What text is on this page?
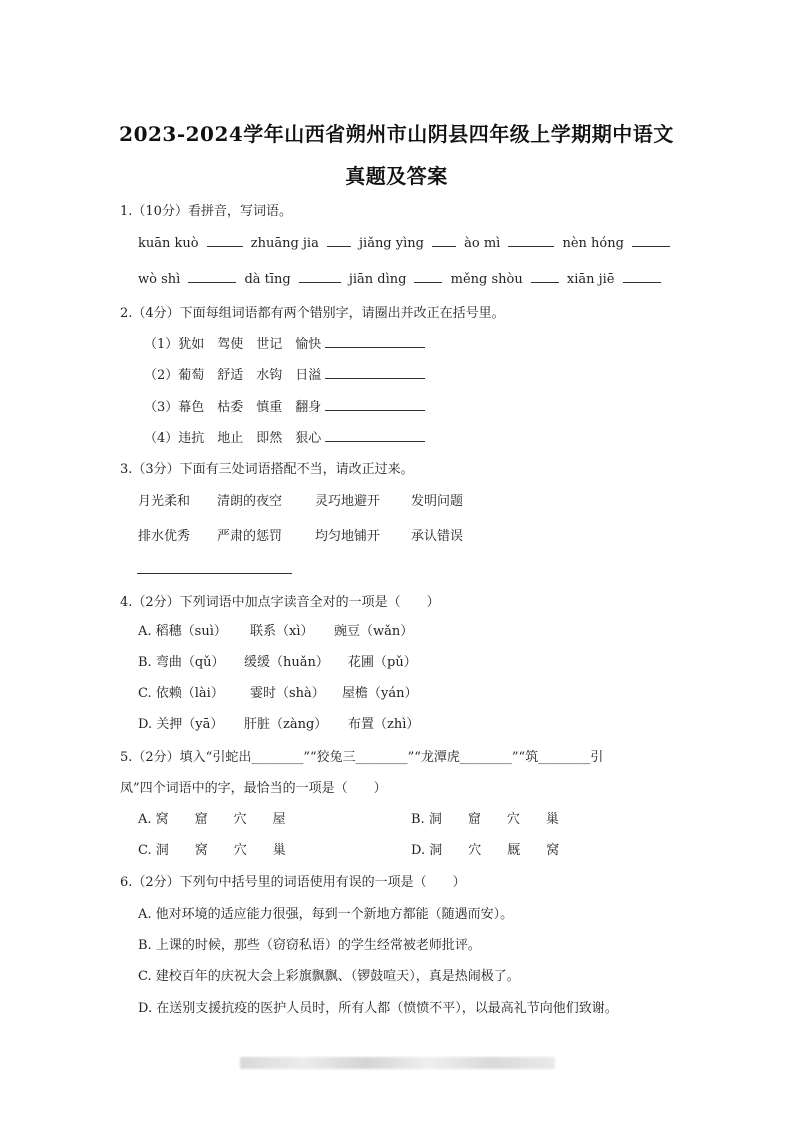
2023-2024学年山西省朔州市山阴县四年级上学期期中语文
真题及答案
1.（10分）看拼音，写词语。
kuān kuò	zhuāng jia	jiǎng yìng	ào mì	nèn hóng
wò shì	dà tīng	jiān dìng	měng shòu	xiān jiē
2.（4分）下面每组词语都有两个错别字，请圈出并改正在括号里。
（1）犹如　驾使　世记　愉快
（2）葡萄　舒适　水钩　日溢
（3）幕色　枯委　慎重　翻身
（4）违抗　地止　即然　狠心
3.（3分）下面有三处词语搭配不当，请改正过来。
月光柔和 清朗的夜空	灵巧地避开 发明问题
排水优秀 严肃的惩罚	均匀地铺开 承认错误
4.（2分）下列词语中加点字读音全对的一项是（　　）
A. 稻穗（suì） 联系（xì） 豌豆（wǎn）
B. 弯曲（qǔ） 缓缓（huǎn） 花圃（pǔ）
C. 依赖（lài） 霎时（shà） 屋檐（yán）
D. 关押（yā） 肝脏（zàng） 布置（zhì）
5.（2分）填入“引蛇出________”“狡兔三________”“龙潭虎________”“筑________引
凤”四个词语中的字，最恰当的一项是（　　）
A. 窝　　窟　　穴　　屋	B. 洞　　窟　　穴　　巢
C. 洞　　窝　　穴　　巢	D. 洞　　穴　　厩　　窝
6.（2分）下列句中括号里的词语使用有误的一项是（　　）
A. 他对环境的适应能力很强，每到一个新地方都能（随遇而安）。
B. 上课的时候，那些（窃窃私语）的学生经常被老师批评。
C. 建校百年的庆祝大会上彩旗飘飘、（锣鼓喧天），真是热闹极了。
D. 在送别支援抗疫的医护人员时，所有人都（愤愤不平），以最高礼节向他们致谢。
